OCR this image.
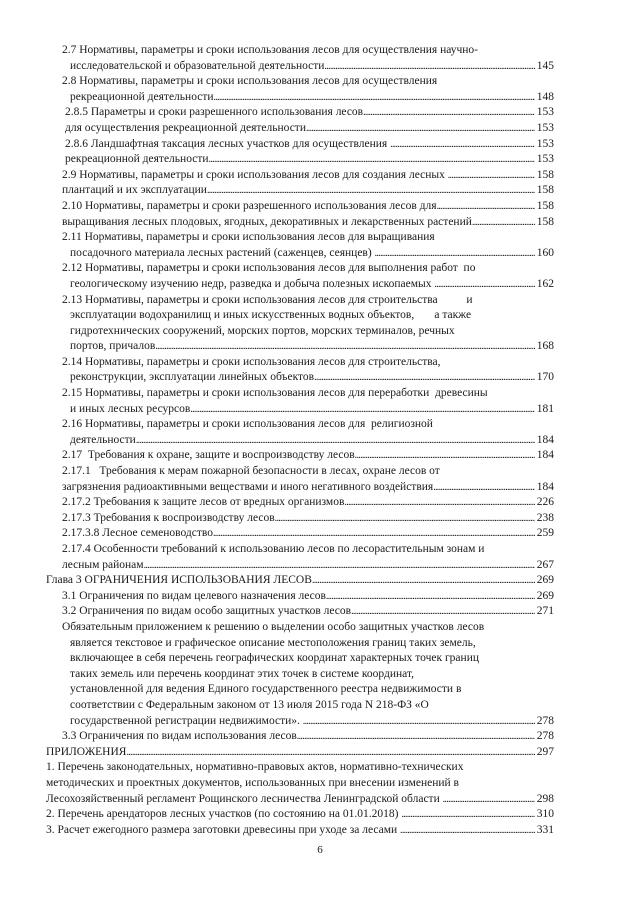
2.7 Нормативы, параметры и сроки использования лесов для осуществления научно-
исследовательской и образовательной деятельности . . .	145
2.8 Нормативы, параметры и сроки использования лесов для осуществления
рекреационной деятельности . . .	148
2.8.5 Параметры и сроки разрешенного использования лесов . . .	153
для осуществления рекреационной деятельности . . .	153
2.8.6 Ландшафтная таксация лесных участков для осуществления . . .	153
рекреационной деятельности . . .	153
2.9 Нормативы, параметры и сроки использования лесов для создания лесных . . .	158
плантаций и их эксплуатации . . .	158
2.10 Нормативы, параметры и сроки разрешенного использования лесов для . . .	158
выращивания лесных плодовых, ягодных, декоративных и лекарственных растений . . .	158
2.11 Нормативы, параметры и сроки использования лесов для выращивания
посадочного материала лесных растений (саженцев, сеянцев) . . .	160
2.12 Нормативы, параметры и сроки использования лесов для выполнения работ  по
геологическому изучению недр, разведка и добыча полезных ископаемых . . .	162
2.13 Нормативы, параметры и сроки использования лесов для строительства          и
эксплуатации водохранилищ и иных искусственных водных объектов,       а также
гидротехнических сооружений, морских портов, морских терминалов, речных
портов, причалов . . .	168
2.14 Нормативы, параметры и сроки использования лесов для строительства,
реконструкции, эксплуатации линейных объектов . . .	170
2.15 Нормативы, параметры и сроки использования лесов для переработки  древесины
и иных лесных ресурсов . . .	181
2.16 Нормативы, параметры и сроки использования лесов для  религиозной
деятельности . . .	184
2.17  Требования к охране, защите и воспроизводству лесов . . .	184
2.17.1   Требования к мерам пожарной безопасности в лесах, охране лесов от
загрязнения радиоактивными веществами и иного негативного воздействия . . .	184
2.17.2 Требования к защите лесов от вредных организмов . . .	226
2.17.3 Требования к воспроизводству лесов . . .	238
2.17.3.8 Лесное семеноводство . . .	259
2.17.4 Особенности требований к использованию лесов по лесорастительным зонам и
лесным районам . . .	267
Глава 3 ОГРАНИЧЕНИЯ ИСПОЛЬЗОВАНИЯ ЛЕСОВ . . .	269
3.1 Ограничения по видам целевого назначения лесов . . .	269
3.2 Ограничения по видам особо защитных участков лесов . . .	271
Обязательным приложением к решению о выделении особо защитных участков лесов
является текстовое и графическое описание местоположения границ таких земель,
включающее в себя перечень географических координат характерных точек границ
таких земель или перечень координат этих точек в системе координат,
установленной для ведения Единого государственного реестра недвижимости в
соответствии с Федеральным законом от 13 июля 2015 года N 218-ФЗ «О
государственной регистрации недвижимости». . . .	278
3.3 Ограничения по видам использования лесов . . .	278
ПРИЛОЖЕНИЯ . . .	297
1. Перечень законодательных, нормативно-правовых актов, нормативно-технических
методических и проектных документов, использованных при внесении изменений в
Лесохозяйственный регламент Рощинского лесничества Ленинградской области . . .	298
2. Перечень арендаторов лесных участков (по состоянию на 01.01.2018) . . .	310
3. Расчет ежегодного размера заготовки древесины при уходе за лесами . . .	331
6
